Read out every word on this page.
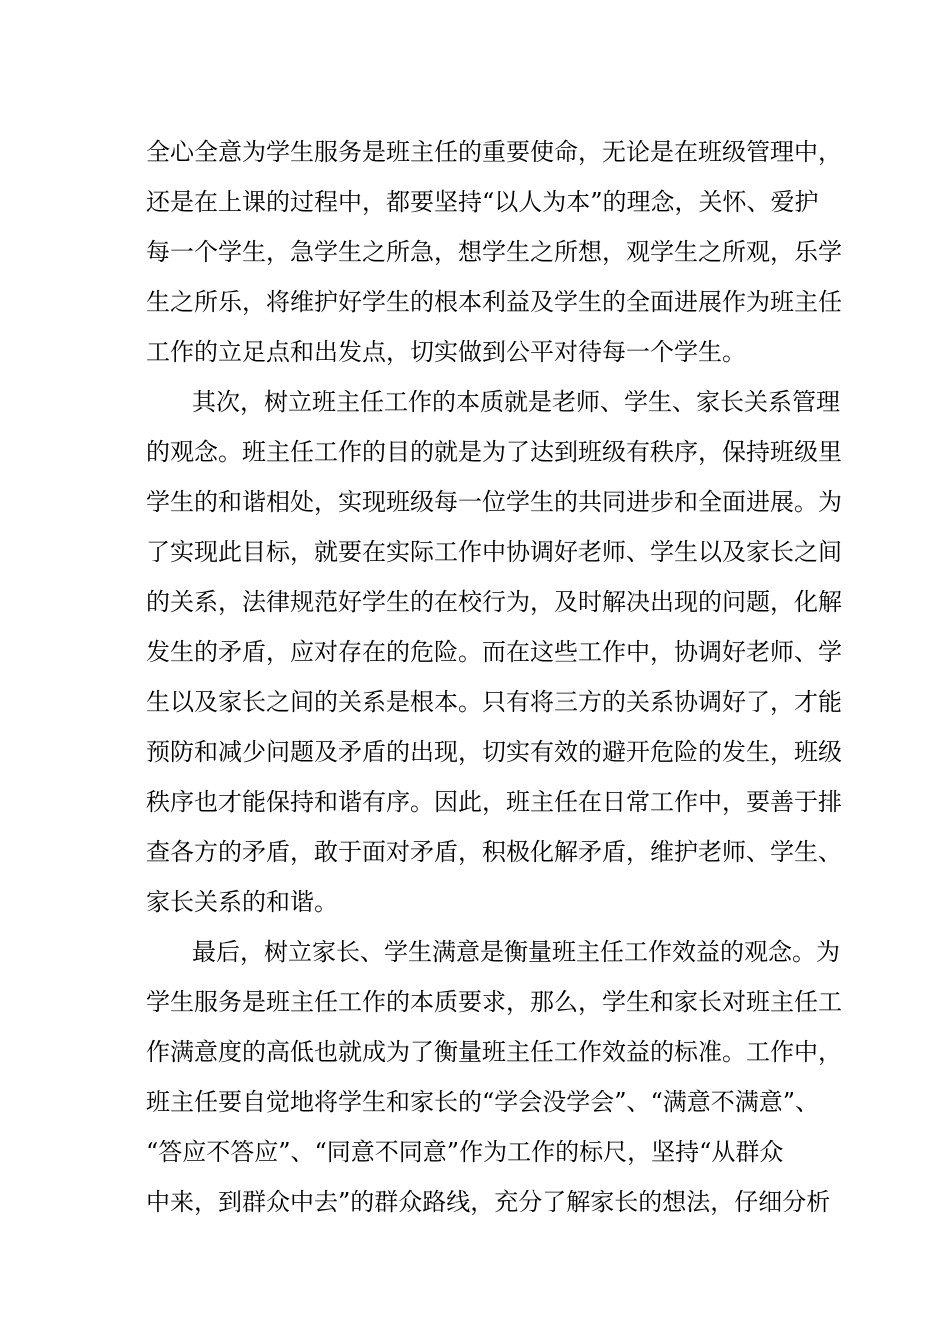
全心全意为学生服务是班主任的重要使命，无论是在班级管理中，
还是在上课的过程中，都要坚持“以人为本”的理念，关怀、爱护
每一个学生，急学生之所急，想学生之所想，观学生之所观，乐学
生之所乐，将维护好学生的根本利益及学生的全面进展作为班主任
工作的立足点和出发点，切实做到公平对待每一个学生。
其次，树立班主任工作的本质就是老师、学生、家长关系管理
的观念。班主任工作的目的就是为了达到班级有秩序，保持班级里
学生的和谐相处，实现班级每一位学生的共同进步和全面进展。为
了实现此目标，就要在实际工作中协调好老师、学生以及家长之间
的关系，法律规范好学生的在校行为，及时解决出现的问题，化解
发生的矛盾，应对存在的危险。而在这些工作中，协调好老师、学
生以及家长之间的关系是根本。只有将三方的关系协调好了，才能
预防和减少问题及矛盾的出现，切实有效的避开危险的发生，班级
秩序也才能保持和谐有序。因此，班主任在日常工作中，要善于排
查各方的矛盾，敢于面对矛盾，积极化解矛盾，维护老师、学生、
家长关系的和谐。
最后，树立家长、学生满意是衡量班主任工作效益的观念。为
学生服务是班主任工作的本质要求，那么，学生和家长对班主任工
作满意度的高低也就成为了衡量班主任工作效益的标准。工作中，
班主任要自觉地将学生和家长的“学会没学会”、“满意不满意”、
“答应不答应”、“同意不同意”作为工作的标尺，坚持“从群众
中来，到群众中去”的群众路线，充分了解家长的想法，仔细分析
